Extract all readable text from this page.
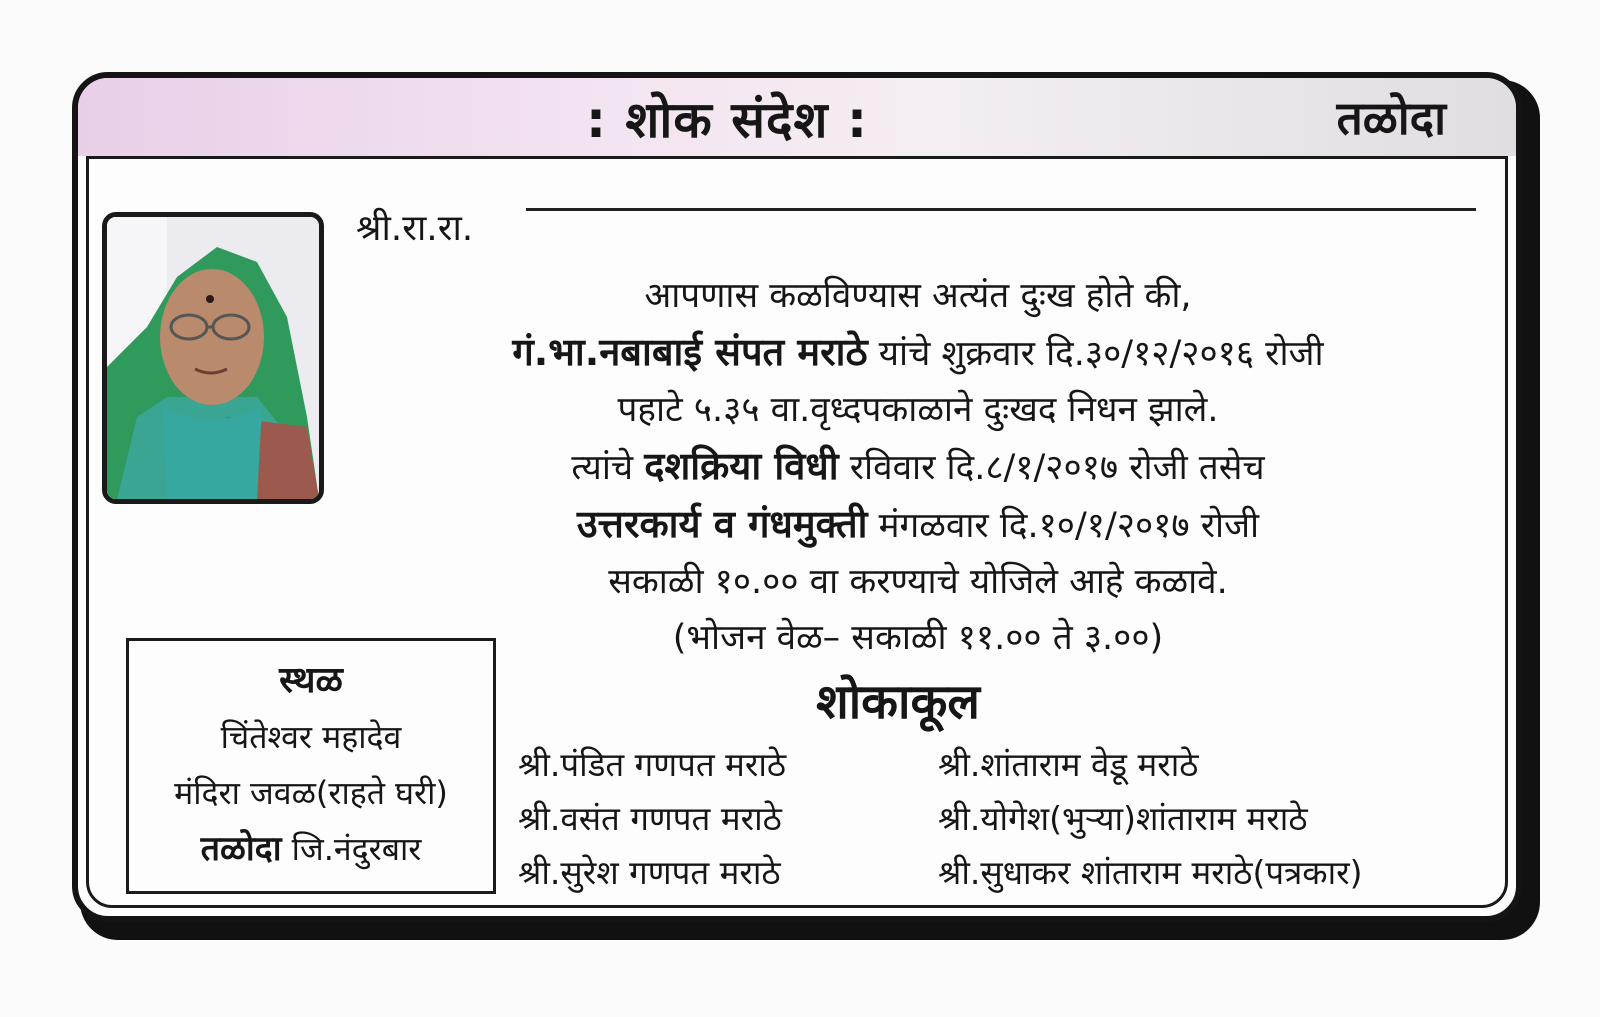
: शोक संदेश :	तळोदा
श्री.रा.रा.
आपणास कळविण्यास अत्यंत दुःख होते की,
गं.भा.नबाबाई संपत मराठे यांचे शुक्रवार दि.३०/१२/२०१६ रोजी
पहाटे ५.३५ वा.वृध्दपकाळाने दुःखद निधन झाले.
त्यांचे दशक्रिया विधी रविवार दि.८/१/२०१७ रोजी तसेच
उत्तरकार्य व गंधमुक्ती मंगळवार दि.१०/१/२०१७ रोजी
सकाळी १०.०० वा करण्याचे योजिले आहे कळावे.
(भोजन वेळ– सकाळी ११.०० ते ३.००)
स्थळ
चिंतेश्वर महादेव
मंदिरा जवळ(राहते घरी)
तळोदा जि.नंदुरबार
शोकाकूल
श्री.पंडित गणपत मराठे
श्री.वसंत गणपत मराठे
श्री.सुरेश गणपत मराठे
श्री.शांताराम वेडू मराठे
श्री.योगेश(भुऱ्या)शांताराम मराठे
श्री.सुधाकर शांताराम मराठे(पत्रकार)
